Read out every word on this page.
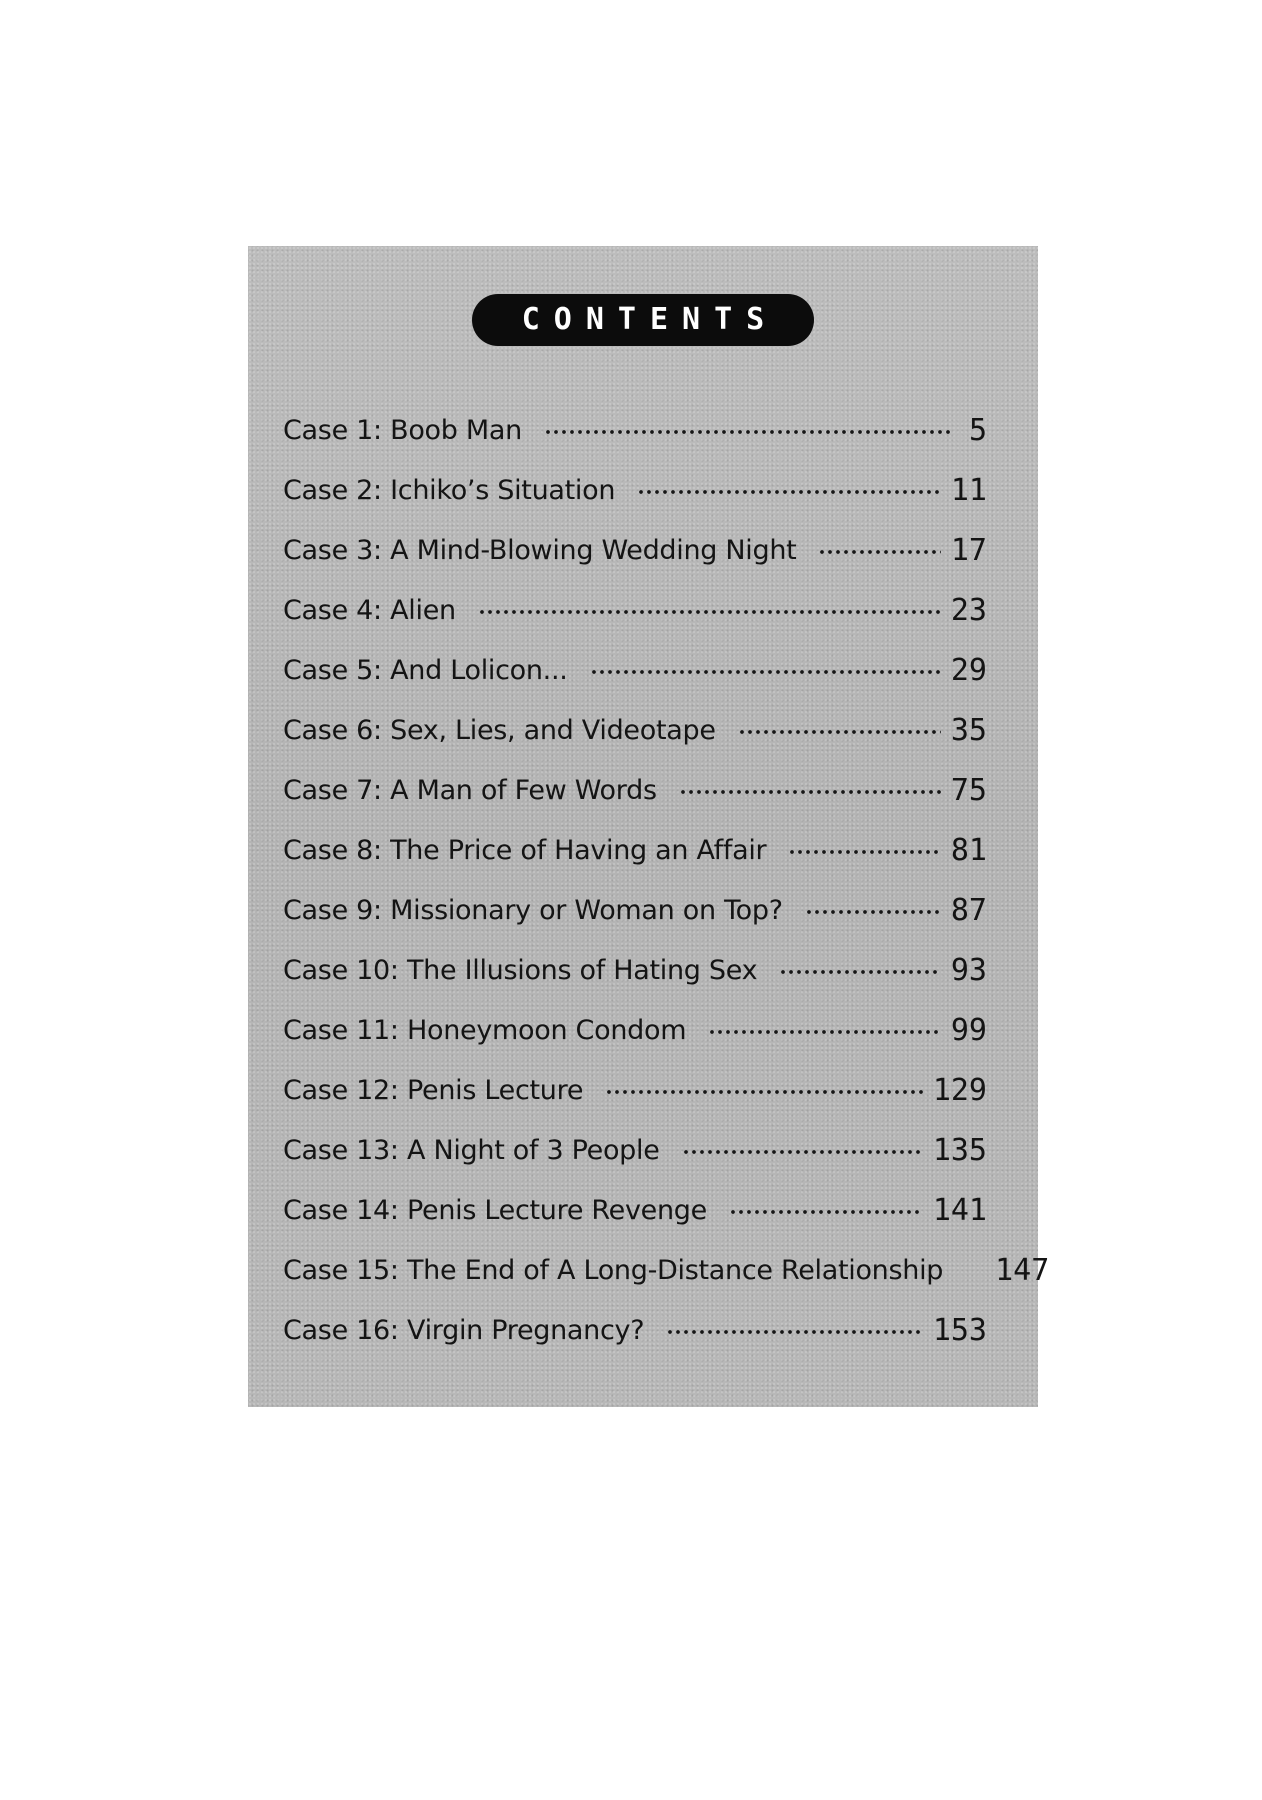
CONTENTS
Case 1: Boob Man	5
Case 2: Ichiko’s Situation	11
Case 3: A Mind-Blowing Wedding Night	17
Case 4: Alien	23
Case 5: And Lolicon...	29
Case 6: Sex, Lies, and Videotape	35
Case 7: A Man of Few Words	75
Case 8: The Price of Having an Affair	81
Case 9: Missionary or Woman on Top?	87
Case 10: The Illusions of Hating Sex	93
Case 11: Honeymoon Condom	99
Case 12: Penis Lecture	129
Case 13: A Night of 3 People	135
Case 14: Penis Lecture Revenge	141
Case 15: The End of A Long-Distance Relationship 147
Case 16: Virgin Pregnancy?	153
